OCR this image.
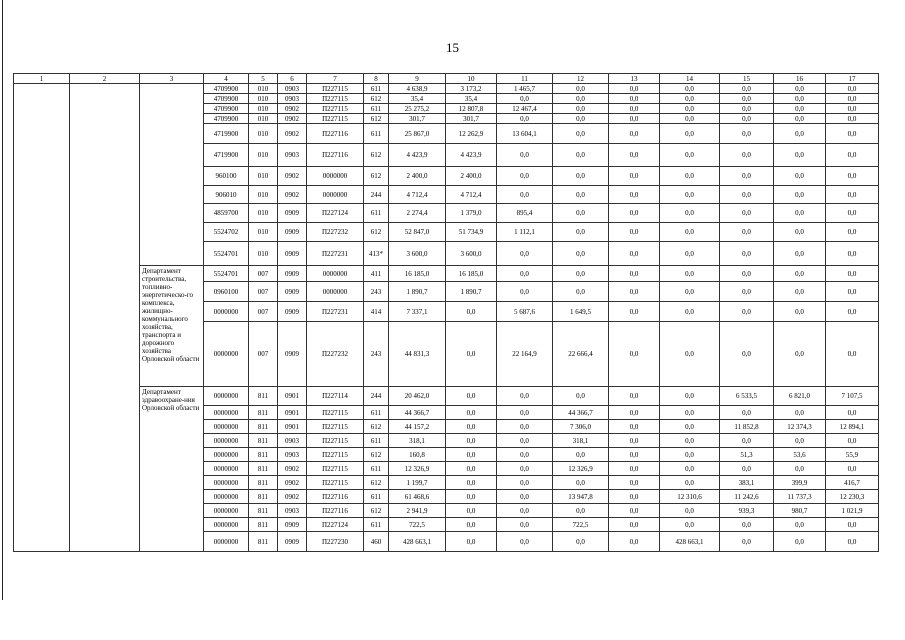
15
1	2	3	4	5	6	7	8	9	10	11	12	13	14	15	16	17
			4709900	010	0903	П227115	611	4 638,9	3 173,2	1 465,7	0,0	0,0	0,0	0,0	0,0	0,0
			4709900	010	0903	П227115	612	35,4	35,4	0,0	0,0	0,0	0,0	0,0	0,0	0,0
			4709900	010	0902	П227115	611	25 275,2	12 807,8	12 467,4	0,0	0,0	0,0	0,0	0,0	0,0
			4709900	010	0902	П227115	612	301,7	301,7	0,0	0,0	0,0	0,0	0,0	0,0	0,0
			4719900	010	0902	П227116	611	25 867,0	12 262,9	13 604,1	0,0	0,0	0,0	0,0	0,0	0,0
			4719900	010	0903	П227116	612	4 423,9	4 423,9	0,0	0,0	0,0	0,0	0,0	0,0	0,0
			960100	010	0902	0000000	612	2 400,0	2 400,0	0,0	0,0	0,0	0,0	0,0	0,0	0,0
			906010	010	0902	0000000	244	4 712,4	4 712,4	0,0	0,0	0,0	0,0	0,0	0,0	0,0
			4859700	010	0909	П227124	611	2 274,4	1 379,0	895,4	0,0	0,0	0,0	0,0	0,0	0,0
			5524702	010	0909	П227232	612	52 847,0	51 734,9	1 112,1	0,0	0,0	0,0	0,0	0,0	0,0
			5524701	010	0909	П227231	413*	3 600,0	3 600,0	0,0	0,0	0,0	0,0	0,0	0,0	0,0
		Департамент строительства, топливно-энергетическо-го комплекса, жилищно-коммунального хозяйства, транспорта и дорожного хозяйства Орловской области	5524701	007	0909	0000000	411	16 185,0	16 185,0	0,0	0,0	0,0	0,0	0,0	0,0	0,0
			0960100	007	0909	0000000	243	1 890,7	1 890,7	0,0	0,0	0,0	0,0	0,0	0,0	0,0
			0000000	007	0909	П227231	414	7 337,1	0,0	5 687,6	1 649,5	0,0	0,0	0,0	0,0	0,0
			0000000	007	0909	П227232	243	44 831,3	0,0	22 164,9	22 666,4	0,0	0,0	0,0	0,0	0,0
		Департамент здравоохране-ния Орловской области	0000000	811	0901	П227114	244	20 462,0	0,0	0,0	0,0	0,0	0,0	6 533,5	6 821,0	7 107,5
			0000000	811	0901	П227115	611	44 366,7	0,0	0,0	44 366,7	0,0	0,0	0,0	0,0	0,0
			0000000	811	0901	П227115	612	44 157,2	0,0	0,0	7 306,0	0,0	0,0	11 852,8	12 374,3	12 894,1
			0000000	811	0903	П227115	611	318,1	0,0	0,0	318,1	0,0	0,0	0,0	0,0	0,0
			0000000	811	0903	П227115	612	160,8	0,0	0,0	0,0	0,0	0,0	51,3	53,6	55,9
			0000000	811	0902	П227115	611	12 326,9	0,0	0,0	12 326,9	0,0	0,0	0,0	0,0	0,0
			0000000	811	0902	П227115	612	1 199,7	0,0	0,0	0,0	0,0	0,0	383,1	399,9	416,7
			0000000	811	0902	П227116	611	61 468,6	0,0	0,0	13 947,8	0,0	12 310,6	11 242,6	11 737,3	12 230,3
			0000000	811	0903	П227116	612	2 941,9	0,0	0,0	0,0	0,0	0,0	939,3	980,7	1 021,9
			0000000	811	0909	П227124	611	722,5	0,0	0,0	722,5	0,0	0,0	0,0	0,0	0,0
			0000000	811	0909	П227230	460	428 663,1	0,0	0,0	0,0	0,0	428 663,1	0,0	0,0	0,0
